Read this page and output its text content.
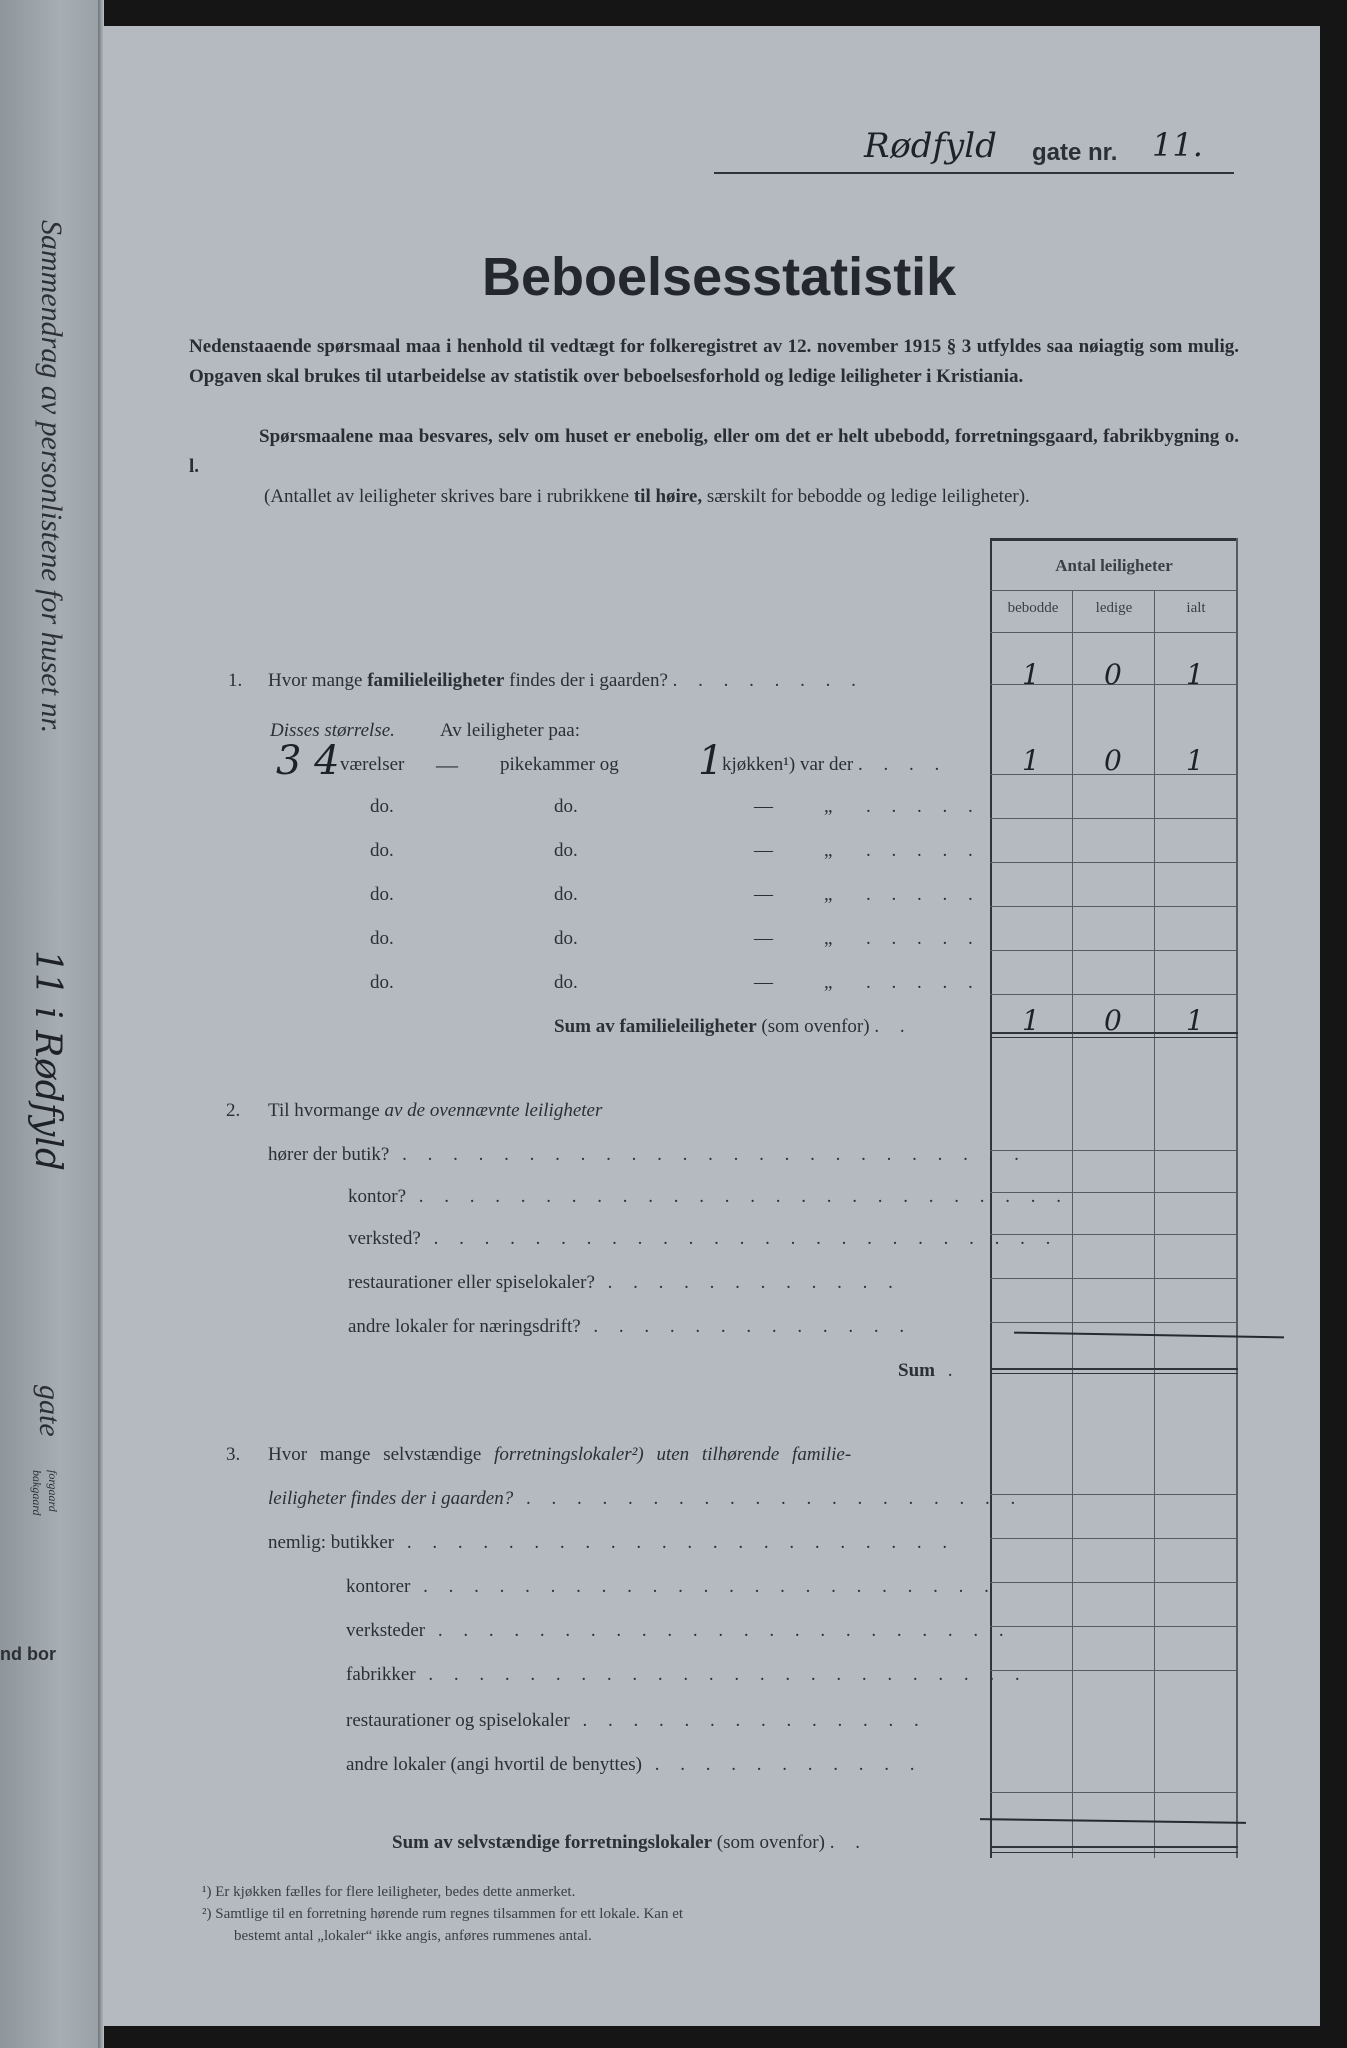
Sammendrag av personlistene for huset nr.
11 i Rødfyld
gate
forgaard
bakgaard
nd bor
Rødfyld gate nr. 11.
Beboelsesstatistik
Nedenstaaende spørsmaal maa i henhold til vedtægt for folkeregistret av 12. november 1915 § 3 utfyldes saa nøiagtig som mulig. Opgaven skal brukes til utarbeidelse av statistik over beboelsesforhold og ledige leiligheter i Kristiania.
Spørsmaalene maa besvares, selv om huset er enebolig, eller om det er helt ubebodd, forretningsgaard, fabrikbygning o. l.
(Antallet av leiligheter skrives bare i rubrikkene til høire, særskilt for bebodde og ledige leiligheter).
Antal leiligheter
bebodde	ledige	ialt
1. Hvor mange familieleiligheter findes der i gaarden? . . . . . . . .	1 0 1
Disses størrelse. Av leiligheter paa:
3 4 værelser — pikekammer og 1
kjøkken¹) var der . . . .	1 0 1
do.	do.	—	„ . . . . .
do.	do.	—	„ . . . . .
do.	do.	—	„ . . . . .
do.	do.	—	„ . . . . .
do.	do.	—	„ . . . . .
Sum av familieleiligheter (som ovenfor) . .	1 0 1
2. Til hvormange av de ovennævnte leiligheter
hører der butik? . . . . . . . . . . . . . . . . . . . . . . . . .
kontor? . . . . . . . . . . . . . . . . . . . . . . . . . .
verksted? . . . . . . . . . . . . . . . . . . . . . . . . .
restaurationer eller spiselokaler? . . . . . . . . . . . .
andre lokaler for næringsdrift? . . . . . . . . . . . . .
Sum .
3. Hvor mange selvstændige forretningslokaler²) uten tilhørende familie-
leiligheter findes der i gaarden? . . . . . . . . . . . . . . . . . . . .
nemlig: butikker . . . . . . . . . . . . . . . . . . . . . .
kontorer . . . . . . . . . . . . . . . . . . . . . . .
verksteder . . . . . . . . . . . . . . . . . . . . . . .
fabrikker . . . . . . . . . . . . . . . . . . . . . . . .
restaurationer og spiselokaler . . . . . . . . . . . . . .
andre lokaler (angi hvortil de benyttes) . . . . . . . . . . .
Sum av selvstændige forretningslokaler (som ovenfor) . .
¹) Er kjøkken fælles for flere leiligheter, bedes dette anmerket.
²) Samtlige til en forretning hørende rum regnes tilsammen for ett lokale. Kan et
bestemt antal „lokaler“ ikke angis, anføres rummenes antal.
